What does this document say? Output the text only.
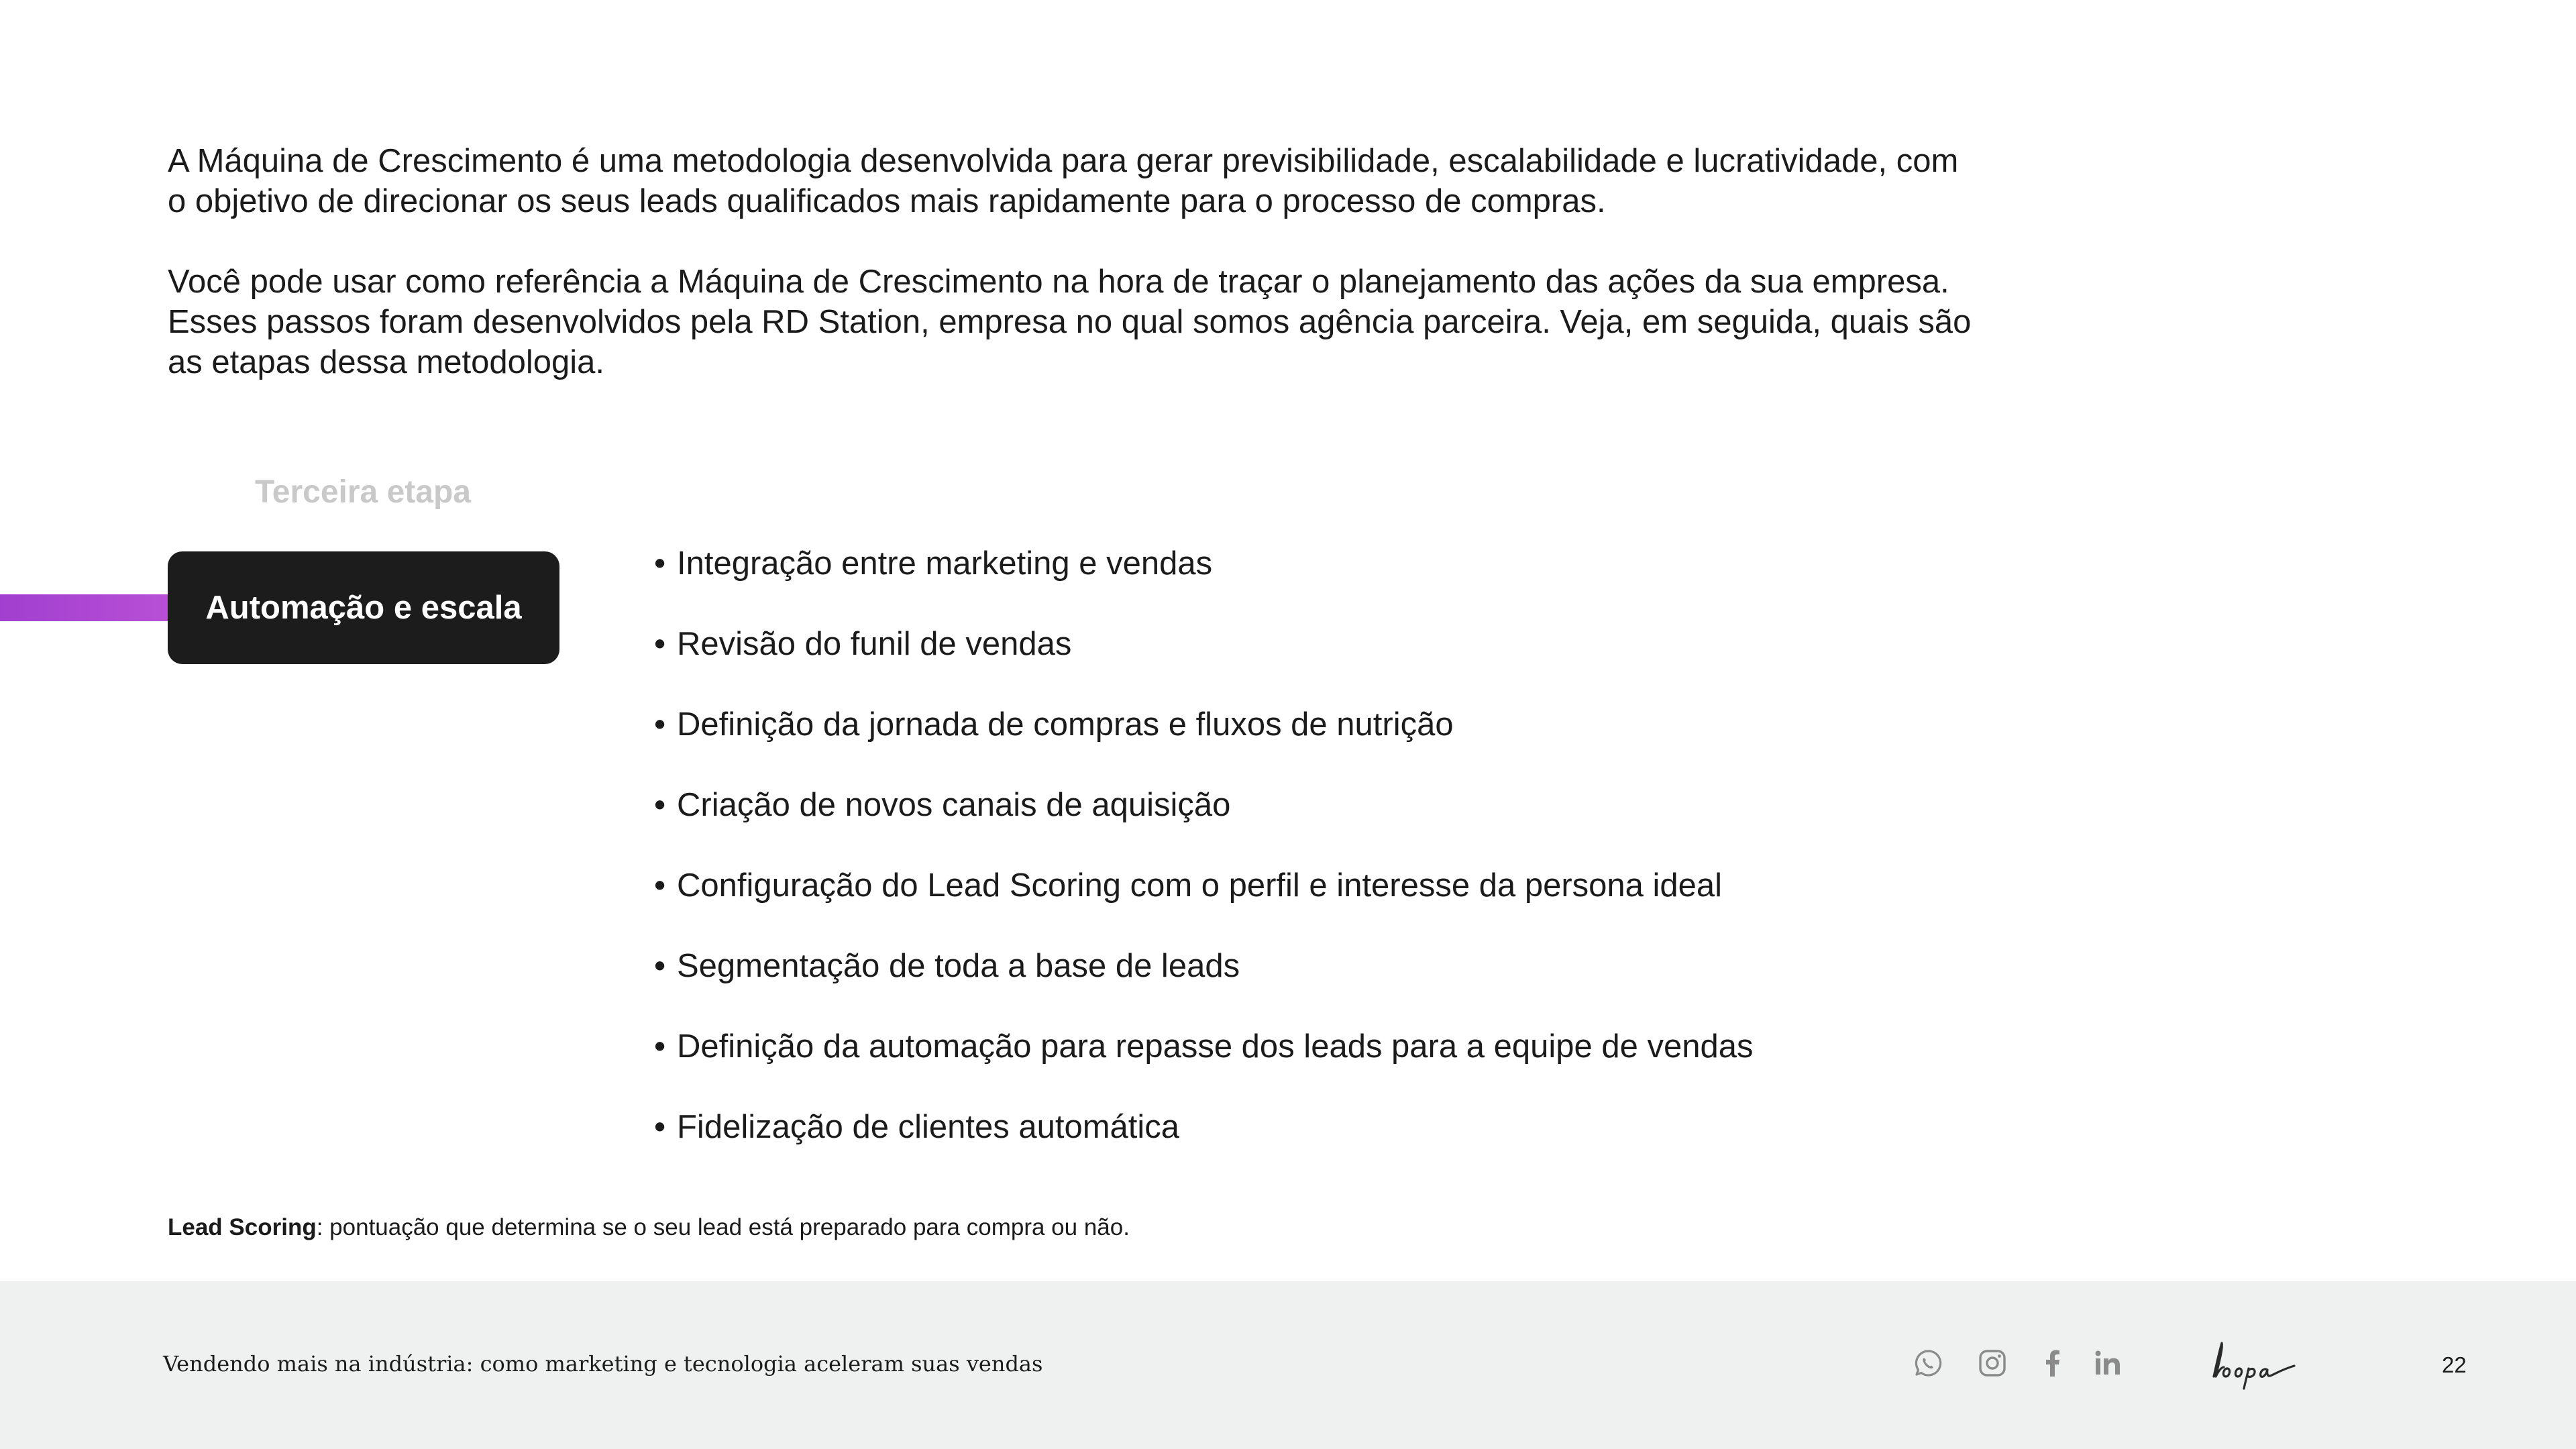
A Máquina de Crescimento é uma metodologia desenvolvida para gerar previsibilidade, escalabilidade e lucratividade, com o objetivo de direcionar os seus leads qualificados mais rapidamente para o processo de compras.

Você pode usar como referência a Máquina de Crescimento na hora de traçar o planejamento das ações da sua empresa. Esses passos foram desenvolvidos pela RD Station, empresa no qual somos agência parceira. Veja, em seguida, quais são as etapas dessa metodologia.

Terceira etapa
Automação e escala
• Integração entre marketing e vendas
• Revisão do funil de vendas
• Definição da jornada de compras e fluxos de nutrição
• Criação de novos canais de aquisição
• Configuração do Lead Scoring com o perfil e interesse da persona ideal
• Segmentação de toda a base de leads
• Definição da automação para repasse dos leads para a equipe de vendas
• Fidelização de clientes automática
Lead Scoring: pontuação que determina se o seu lead está preparado para compra ou não.
Vendendo mais na indústria: como marketing e tecnologia aceleram suas vendas	22
